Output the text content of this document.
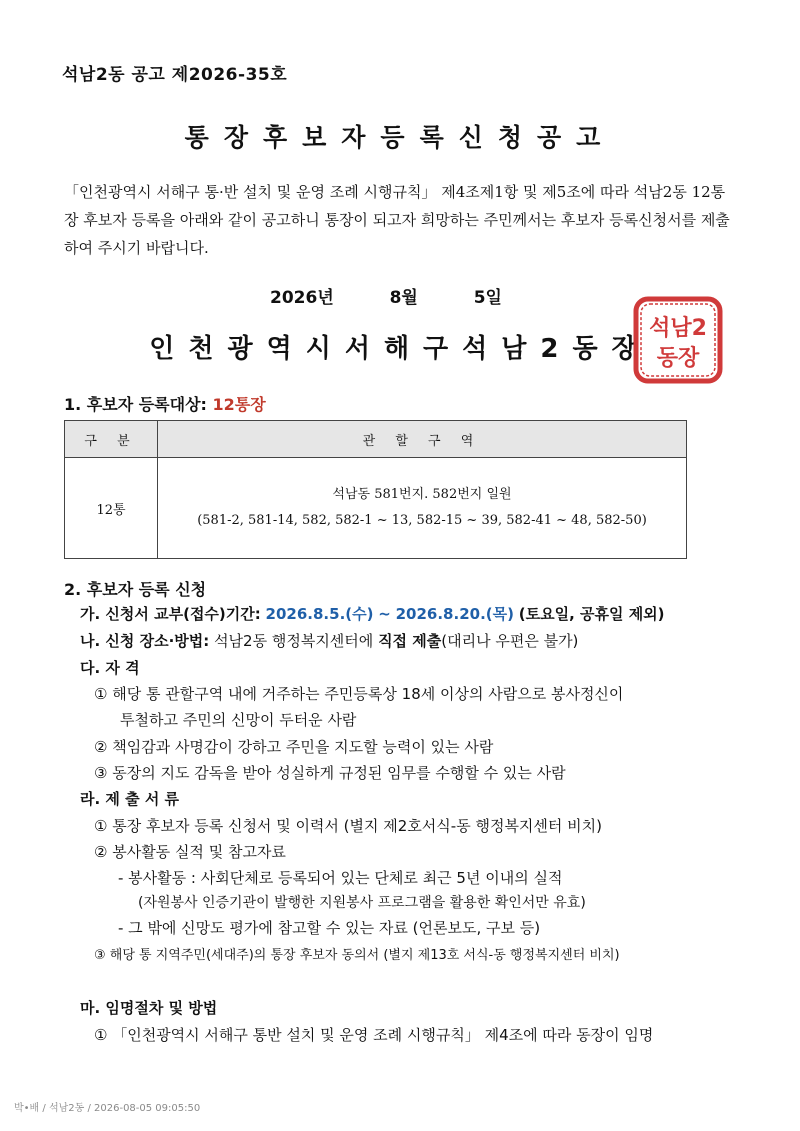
석남2동 공고 제2026-35호
통장후보자등록신청공고
「인천광역시 서해구 통·반 설치 및 운영 조례 시행규칙」 제4조제1항 및 제5조에 따라 석남2동 12통장 후보자 등록을 아래와 같이 공고하니 통장이 되고자 희망하는 주민께서는 후보자 등록신청서를 제출하여 주시기 바랍니다.
2026년	8월	5일
인천광역시서해구석남2동장
석남2
동장
1. 후보자 등록대상: 12통장
구 분	관 할 구 역
12통	석남동 581번지. 582번지 일원
(581-2, 581-14, 582, 582-1 ~ 13, 582-15 ~ 39, 582-41 ~ 48, 582-50)
2. 후보자 등록 신청
가. 신청서 교부(접수)기간: 2026.8.5.(수) ~ 2026.8.20.(목) (토요일, 공휴일 제외)
나. 신청 장소·방법: 석남2동 행정복지센터에 직접 제출(대리나 우편은 불가)
다. 자 격
① 해당 통 관할구역 내에 거주하는 주민등록상 18세 이상의 사람으로 봉사정신이
투철하고 주민의 신망이 두터운 사람
② 책임감과 사명감이 강하고 주민을 지도할 능력이 있는 사람
③ 동장의 지도 감독을 받아 성실하게 규정된 임무를 수행할 수 있는 사람
라. 제 출 서 류
① 통장 후보자 등록 신청서 및 이력서 (별지 제2호서식-동 행정복지센터 비치)
② 봉사활동 실적 및 참고자료
- 봉사활동 : 사회단체로 등록되어 있는 단체로 최근 5년 이내의 실적
(자원봉사 인증기관이 발행한 지원봉사 프로그램을 활용한 확인서만 유효)
- 그 밖에 신망도 평가에 참고할 수 있는 자료 (언론보도, 구보 등)
③ 해당 통 지역주민(세대주)의 통장 후보자 동의서 (별지 제13호 서식-동 행정복지센터 비치)
마. 임명절차 및 방법
① 「인천광역시 서해구 통반 설치 및 운영 조례 시행규칙」 제4조에 따라 동장이 임명
박•배 / 석남2동 / 2026-08-05 09:05:50
